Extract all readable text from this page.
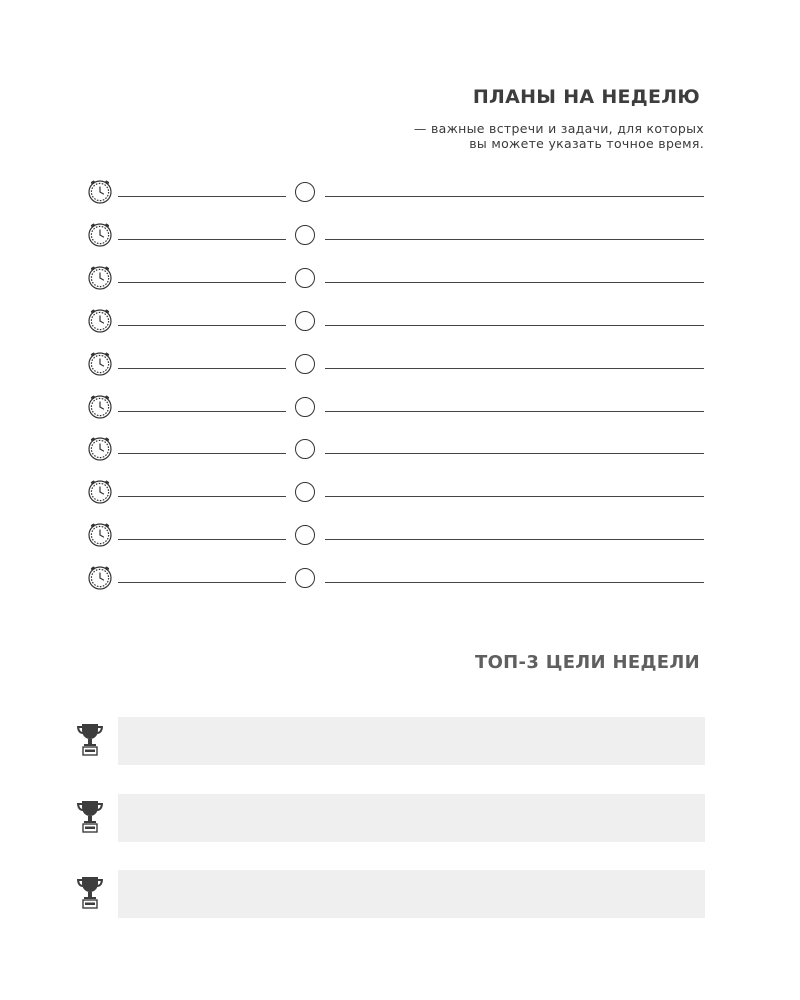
ПЛАНЫ НА НЕДЕЛЮ
— важные встречи и задачи, для которых
вы можете указать точное время.
ТОП-3 ЦЕЛИ НЕДЕЛИ
